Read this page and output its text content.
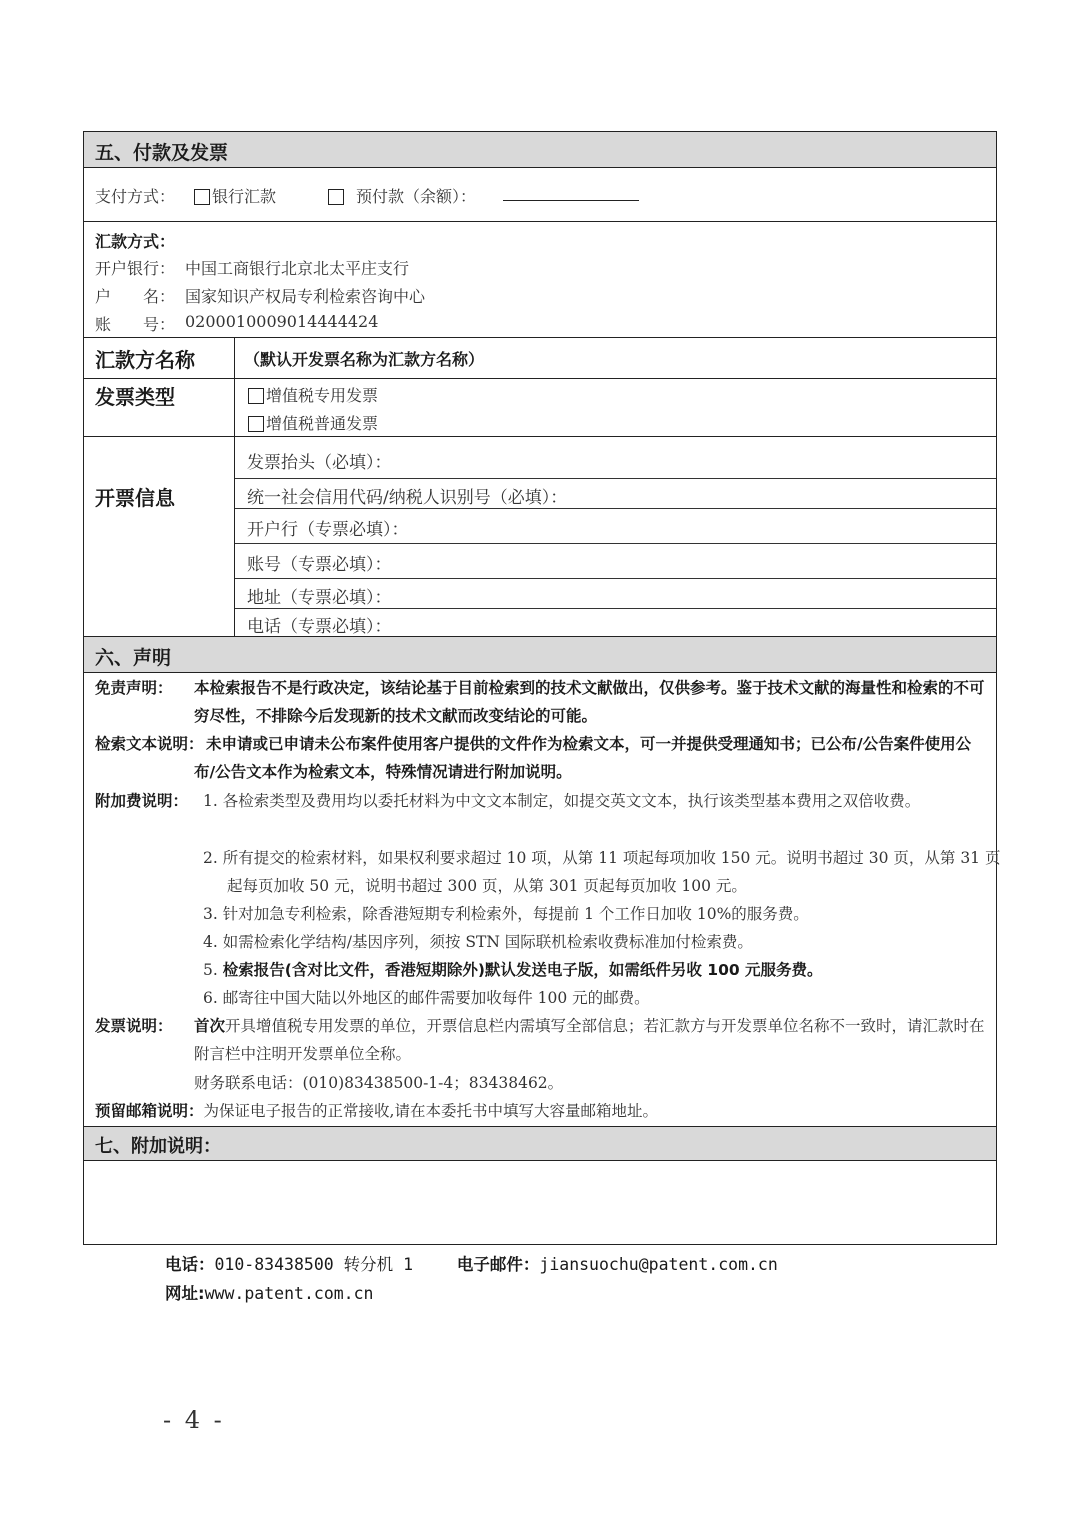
五、付款及发票
支付方式：	银行汇款	预付款（余额）：
汇款方式：
开户银行： 中国工商银行北京北太平庄支行
户　　名： 国家知识产权局专利检索咨询中心
账　　号： 0200010009014444424
汇款方名称	（默认开发票名称为汇款方名称）
发票类型	增值税专用发票
增值税普通发票
开票信息
发票抬头（必填）：
统一社会信用代码/纳税人识别号（必填）：
开户行（专票必填）：
账号（专票必填）：
地址（专票必填）：
电话（专票必填）：
六、声明
免责声明：	本检索报告不是行政决定，该结论基于目前检索到的技术文献做出，仅供参考。鉴于技术文献的海量性和检索的不可穷尽性，不排除今后发现新的技术文献而改变结论的可能。
检索文本说明： 未申请或已申请未公布案件使用客户提供的文件作为检索文本，可一并提供受理通知书；已公布/公告案件使用公布/公告文本作为检索文本，特殊情况请进行附加说明。
附加费说明： 1. 各检索类型及费用均以委托材料为中文文本制定，如提交英文文本，执行该类型基本费用之双倍收费。
2. 所有提交的检索材料，如果权利要求超过 10 项，从第 11 项起每项加收 150 元。说明书超过 30 页，从第 31 页起每页加收 50 元，说明书超过 300 页，从第 301 页起每页加收 100 元。
3. 针对加急专利检索，除香港短期专利检索外，每提前 1 个工作日加收 10%的服务费。
4. 如需检索化学结构/基因序列，须按 STN 国际联机检索收费标准加付检索费。
5. 检索报告(含对比文件，香港短期除外)默认发送电子版，如需纸件另收 100 元服务费。
6. 邮寄往中国大陆以外地区的邮件需要加收每件 100 元的邮费。
发票说明：	首次开具增值税专用发票的单位，开票信息栏内需填写全部信息；若汇款方与开发票单位名称不一致时，请汇款时在附言栏中注明开发票单位全称。
财务联系电话：(010)83438500-1-4；83438462。
预留邮箱说明：为保证电子报告的正常接收,请在本委托书中填写大容量邮箱地址。
七、附加说明：
电话：010-83438500 转分机 1	电子邮件：jiansuochu@patent.com.cn
网址:www.patent.com.cn
- 4 -
